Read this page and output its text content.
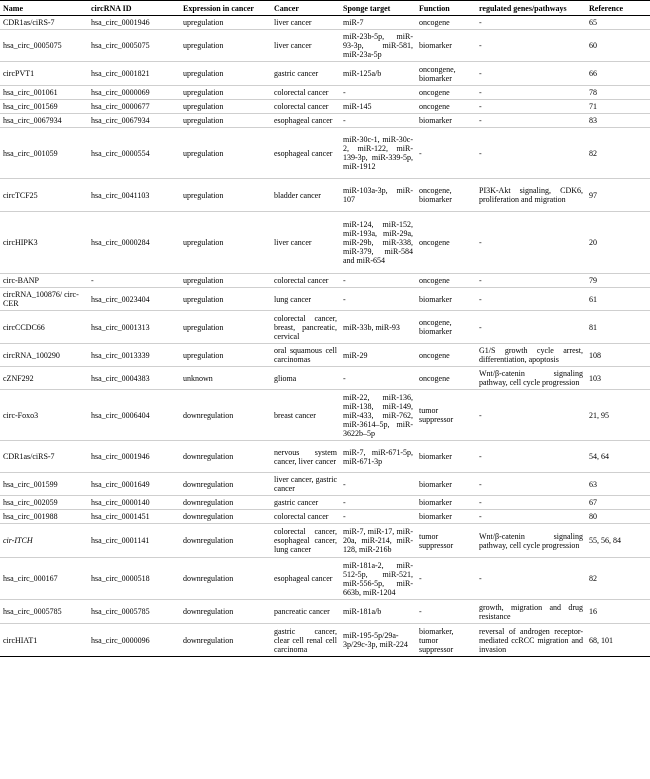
Name	circRNA ID	Expression in cancer	Cancer	Sponge target	Function	regulated genes/pathways	Reference
CDR1as/ciRS-7	hsa_circ_0001946	upregulation	liver cancer	miR-7	oncogene	-	65
hsa_circ_0005075	hsa_circ_0005075	upregulation	liver cancer	miR-23b-5p, miR-93-3p, miR-581, miR-23a-5p	biomarker	-	60
circPVT1	hsa_circ_0001821	upregulation	gastric cancer	miR-125a/b	oncongene, biomarker	-	66
hsa_circ_001061	hsa_circ_0000069	upregulation	colorectal cancer	-	oncogene	-	78
hsa_circ_001569	hsa_circ_0000677	upregulation	colorectal cancer	miR-145	oncogene	-	71
hsa_circ_0067934	hsa_circ_0067934	upregulation	esophageal cancer	-	biomarker	-	83
hsa_circ_001059	hsa_circ_0000554	upregulation	esophageal cancer	miR-30c-1, miR-30c-2, miR-122, miR-139-3p, miR-339-5p, miR-1912	-	-	82
circTCF25	hsa_circ_0041103	upregulation	bladder cancer	miR-103a-3p, miR-107	oncogene, biomarker	PI3K-Akt signaling, CDK6, proliferation and migration	97
circHIPK3	hsa_circ_0000284	upregulation	liver cancer	miR-124, miR-152, miR-193a, miR-29a, miR-29b, miR-338, miR-379, miR-584 and miR-654	oncogene	-	20
circ-BANP	-	upregulation	colorectal cancer	-	oncogene	-	79
circRNA_100876/ circ-CER	hsa_circ_0023404	upregulation	lung cancer	-	biomarker	-	61
circCCDC66	hsa_circ_0001313	upregulation	colorectal cancer, breast, pancreatic, cervical	miR-33b, miR-93	oncogene, biomarker	-	81
circRNA_100290	hsa_circ_0013339	upregulation	oral squamous cell carcinomas	miR-29	oncogene	G1/S growth cycle arrest, differentiation, apoptosis	108
cZNF292	hsa_circ_0004383	unknown	glioma	-	oncogene	Wnt/β-catenin signaling pathway, cell cycle progression	103
circ-Foxo3	hsa_circ_0006404	downregulation	breast cancer	miR-22, miR-136, miR-138, miR-149, miR-433, miR-762, miR-3614–5p, miR-3622b–5p	tumor suppressor	-	21, 95
CDR1as/ciRS-7	hsa_circ_0001946	downregulation	nervous system cancer, liver cancer	miR-7, miR-671-5p, miR-671-3p	biomarker	-	54, 64
hsa_circ_001599	hsa_circ_0001649	downregulation	liver cancer, gastric cancer	-	biomarker	-	63
hsa_circ_002059	hsa_circ_0000140	downregulation	gastric cancer	-	biomarker	-	67
hsa_circ_001988	hsa_circ_0001451	downregulation	colorectal cancer	-	biomarker	-	80
cir-ITCH	hsa_circ_0001141	downregulation	colorectal cancer, esophageal cancer, lung cancer	miR-7, miR-17, miR-20a, miR-214, miR-128, miR-216b	tumor suppressor	Wnt/β-catenin signaling pathway, cell cycle progression	55, 56, 84
hsa_circ_000167	hsa_circ_0000518	downregulation	esophageal cancer	miR-181a-2, miR-512-5p, miR-521, miR-556-5p, miR-663b, miR-1204	-	-	82
hsa_circ_0005785	hsa_circ_0005785	downregulation	pancreatic cancer	miR-181a/b	-	growth, migration and drug resistance	16
circHIAT1	hsa_circ_0000096	downregulation	gastric cancer, clear cell renal cell carcinoma	miR-195-5p/29a-3p/29c-3p, miR-224	biomarker, tumor suppressor	reversal of androgen receptor-mediated ccRCC migration and invasion	68, 101
